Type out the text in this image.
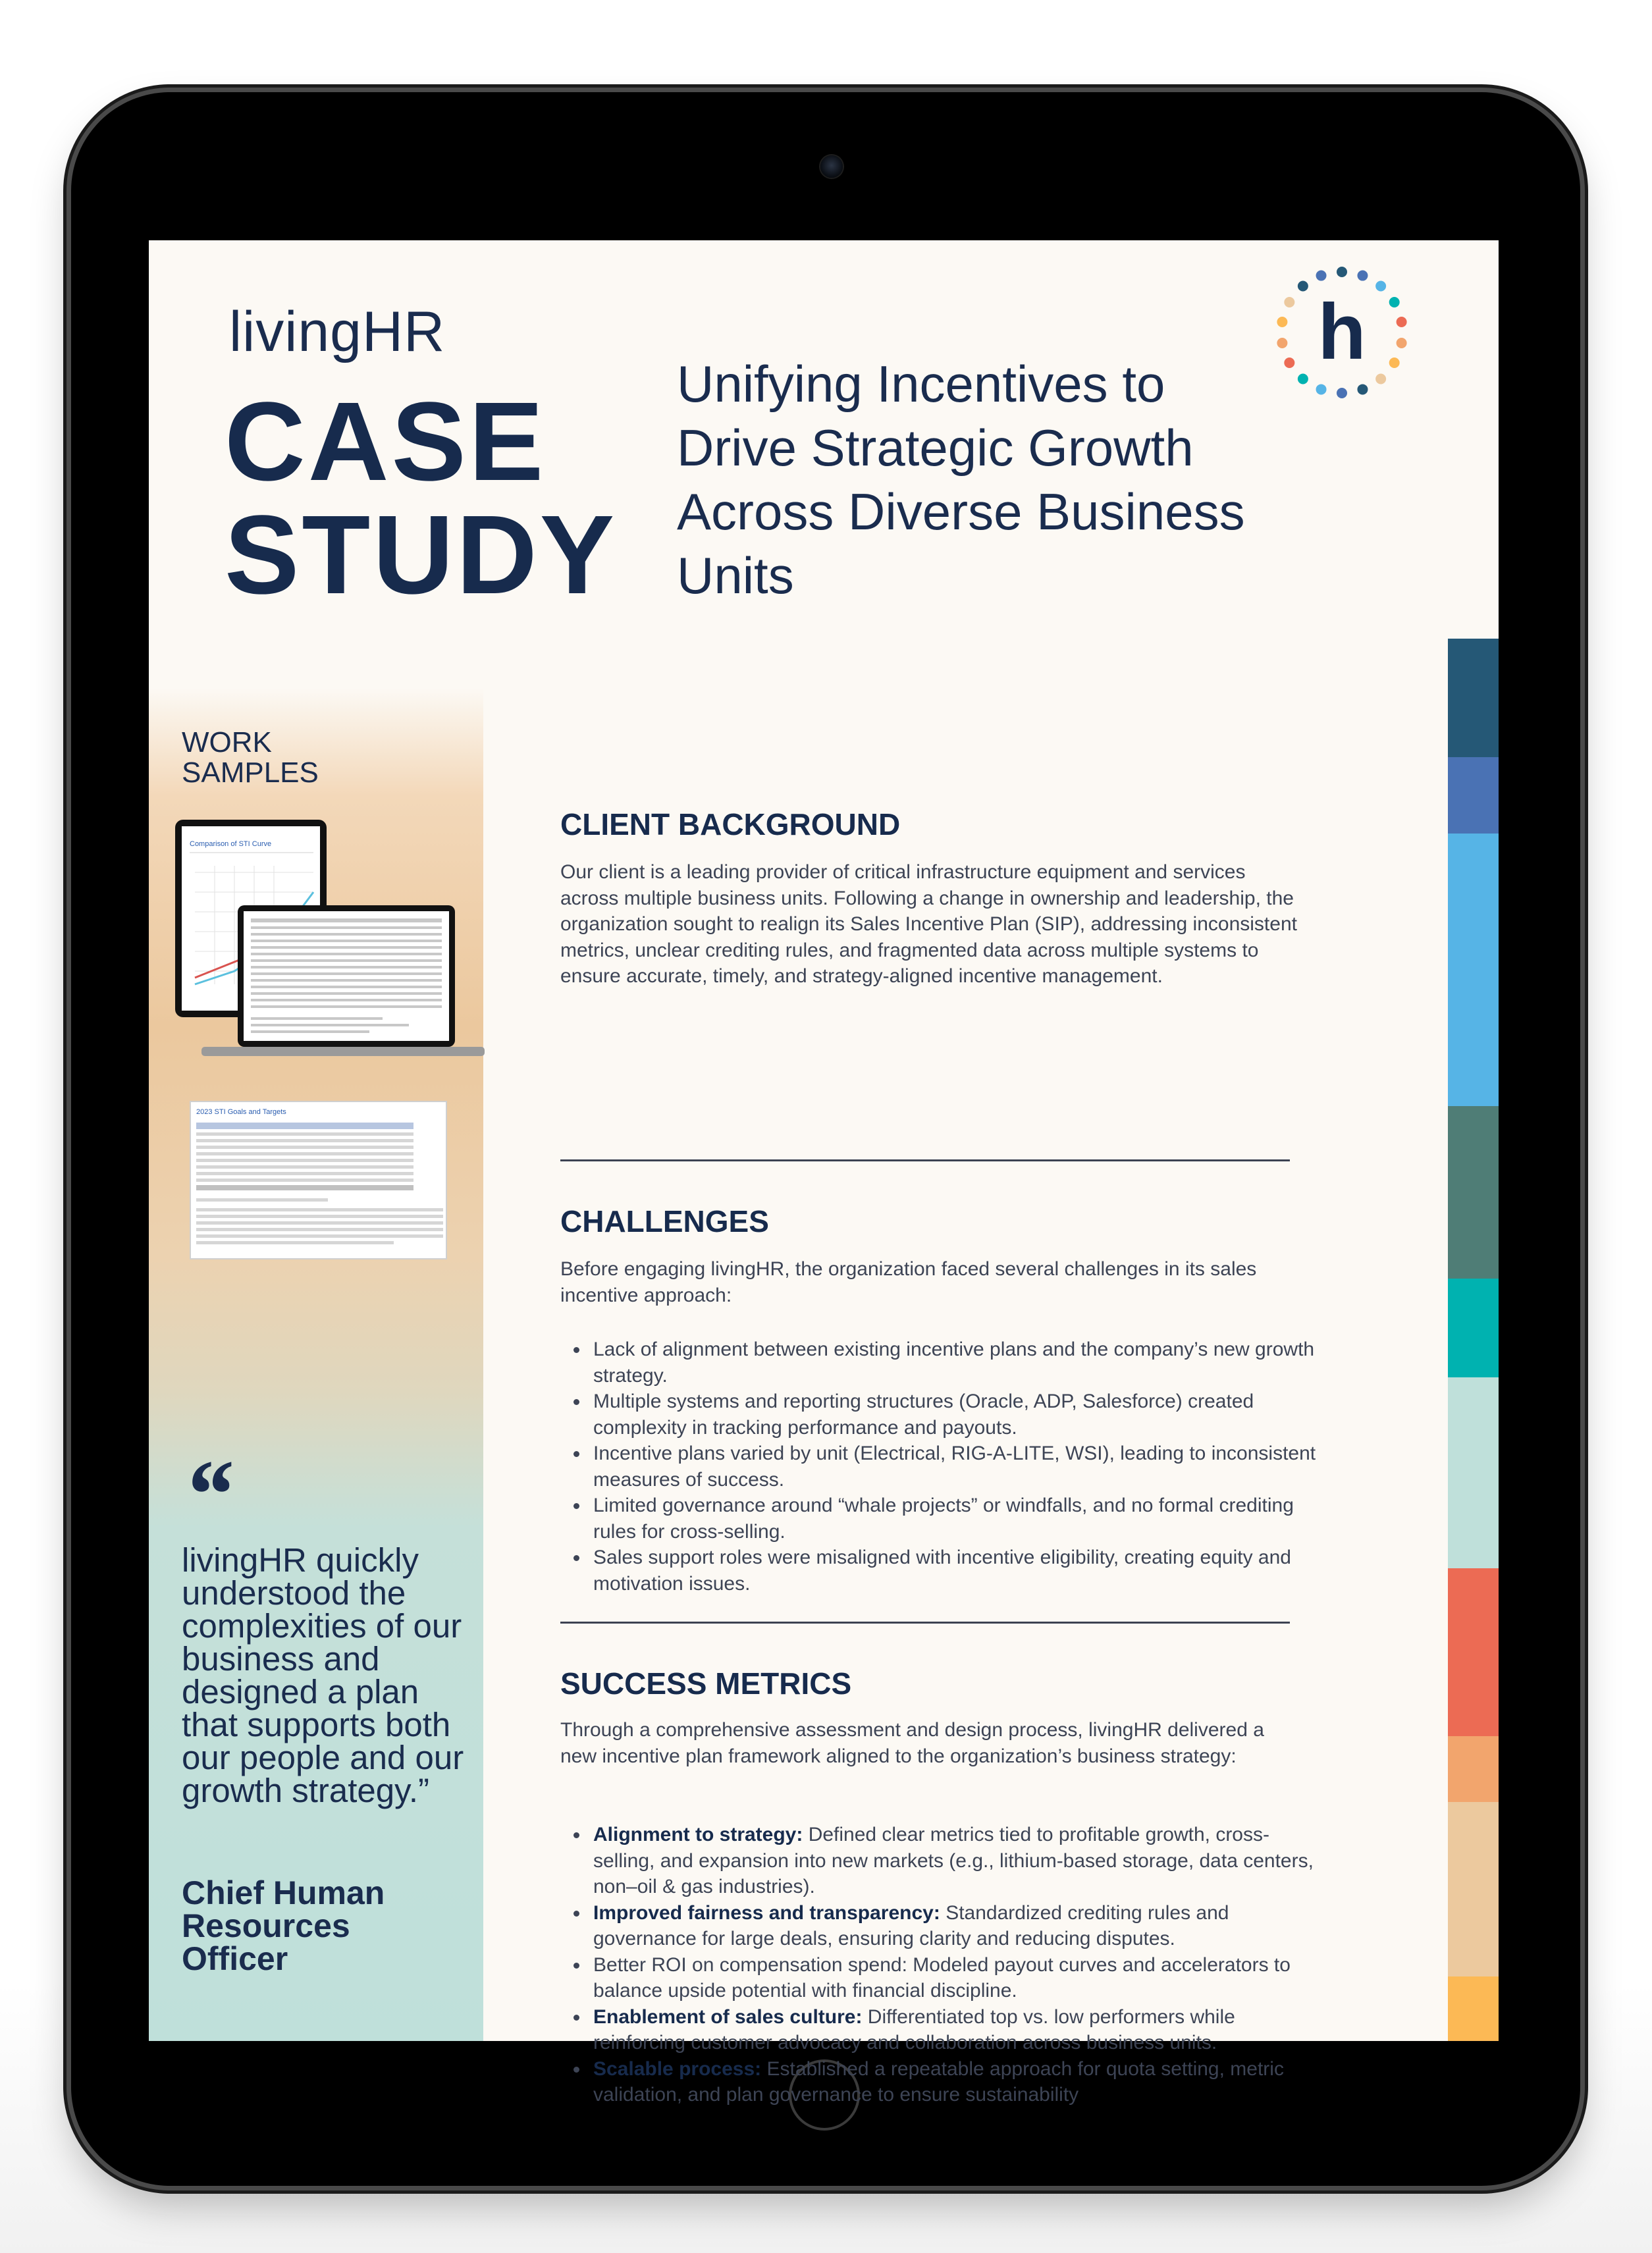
livingHR
CASE
STUDY
Unifying Incentives to Drive Strategic Growth Across Diverse Business Units
h
WORK
SAMPLES
Comparison of STI Curve
2023 STI Goals and Targets
“
livingHR quickly understood the complexities of our business and designed a plan that supports both our people and our growth strategy.”
Chief Human Resources Officer
CLIENT BACKGROUND
Our client is a leading provider of critical infrastructure equipment and services across multiple business units. Following a change in ownership and leadership, the organization sought to realign its Sales Incentive Plan (SIP), addressing inconsistent metrics, unclear crediting rules, and fragmented data across multiple systems to ensure accurate, timely, and strategy-aligned incentive management.
CHALLENGES
Before engaging livingHR, the organization faced several challenges in its sales incentive approach:
Lack of alignment between existing incentive plans and the company’s new growth strategy.
Multiple systems and reporting structures (Oracle, ADP, Salesforce) created complexity in tracking performance and payouts.
Incentive plans varied by unit (Electrical, RIG-A-LITE, WSI), leading to inconsistent measures of success.
Limited governance around “whale projects” or windfalls, and no formal crediting rules for cross-selling.
Sales support roles were misaligned with incentive eligibility, creating equity and motivation issues.
SUCCESS METRICS
Through a comprehensive assessment and design process, livingHR delivered a new incentive plan framework aligned to the organization’s business strategy:
Alignment to strategy: Defined clear metrics tied to profitable growth, cross-selling, and expansion into new markets (e.g., lithium-based storage, data centers, non–oil & gas industries).
Improved fairness and transparency: Standardized crediting rules and governance for large deals, ensuring clarity and reducing disputes.
Better ROI on compensation spend: Modeled payout curves and accelerators to balance upside potential with financial discipline.
Enablement of sales culture: Differentiated top vs. low performers while reinforcing customer advocacy and collaboration across business units.
Scalable process: Established a repeatable approach for quota setting, metric validation, and plan governance to ensure sustainability
